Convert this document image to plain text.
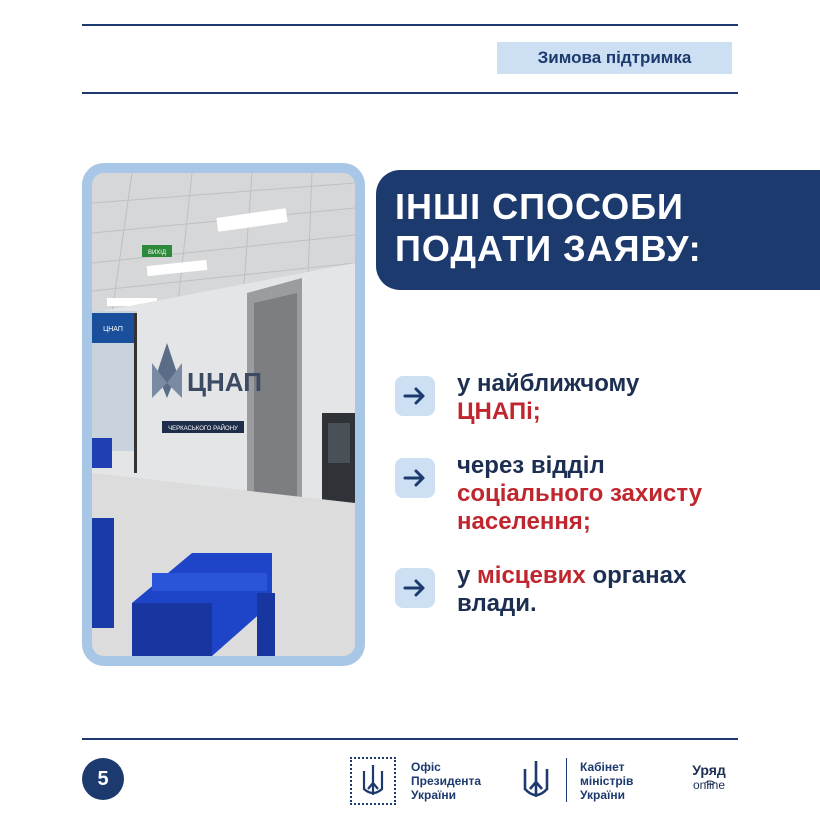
Зимова підтримка
ВИХІД
ЦНАП
ЦНАП
ЧЕРКАСЬКОГО РАЙОНУ
ІНШІ СПОСОБИ
ПОДАТИ ЗАЯВУ:
у найближчому
ЦНАПі;
через відділ
соціального захисту населення;
у місцевих органах влади.
5
Офіс
Президента
України
Кабінет
міністрів
України
Уряд
online
